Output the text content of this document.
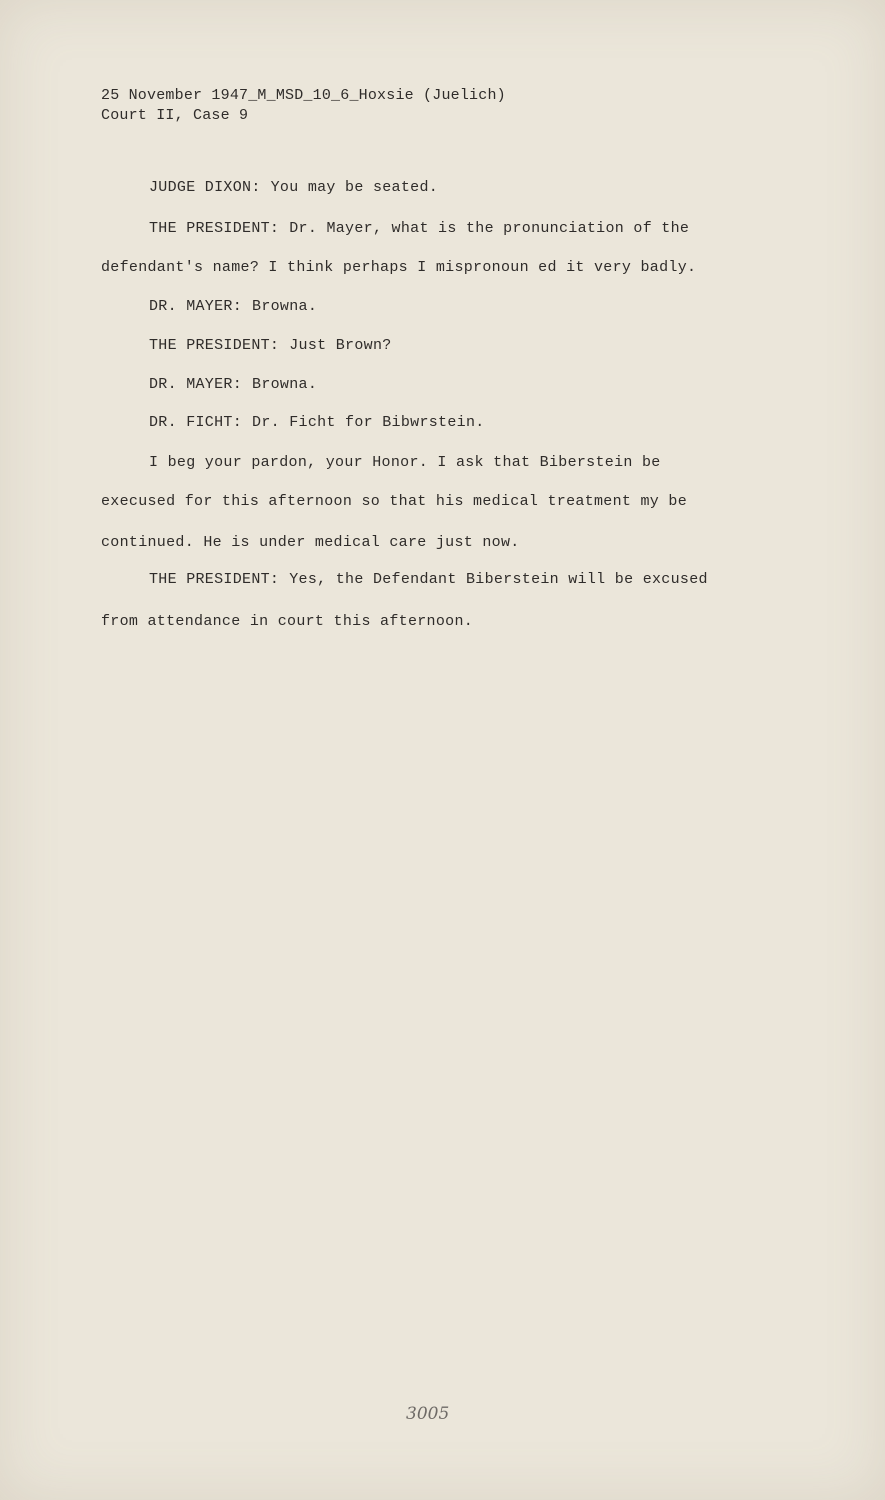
25 November 1947_M_MSD_10_6_Hoxsie (Juelich)
Court II, Case 9
JUDGE DIXON: You may be seated.
THE PRESIDENT: Dr. Mayer, what is the pronunciation of the
defendant's name? I think perhaps I mispronoun ed it very badly.
DR. MAYER: Browna.
THE PRESIDENT: Just Brown?
DR. MAYER: Browna.
DR. FICHT: Dr. Ficht for Bibwrstein.
I beg your pardon, your Honor. I ask that Biberstein be
execused for this afternoon so that his medical treatment my be
continued. He is under medical care just now.
THE PRESIDENT: Yes, the Defendant Biberstein will be excused
from attendance in court this afternoon.
3005
